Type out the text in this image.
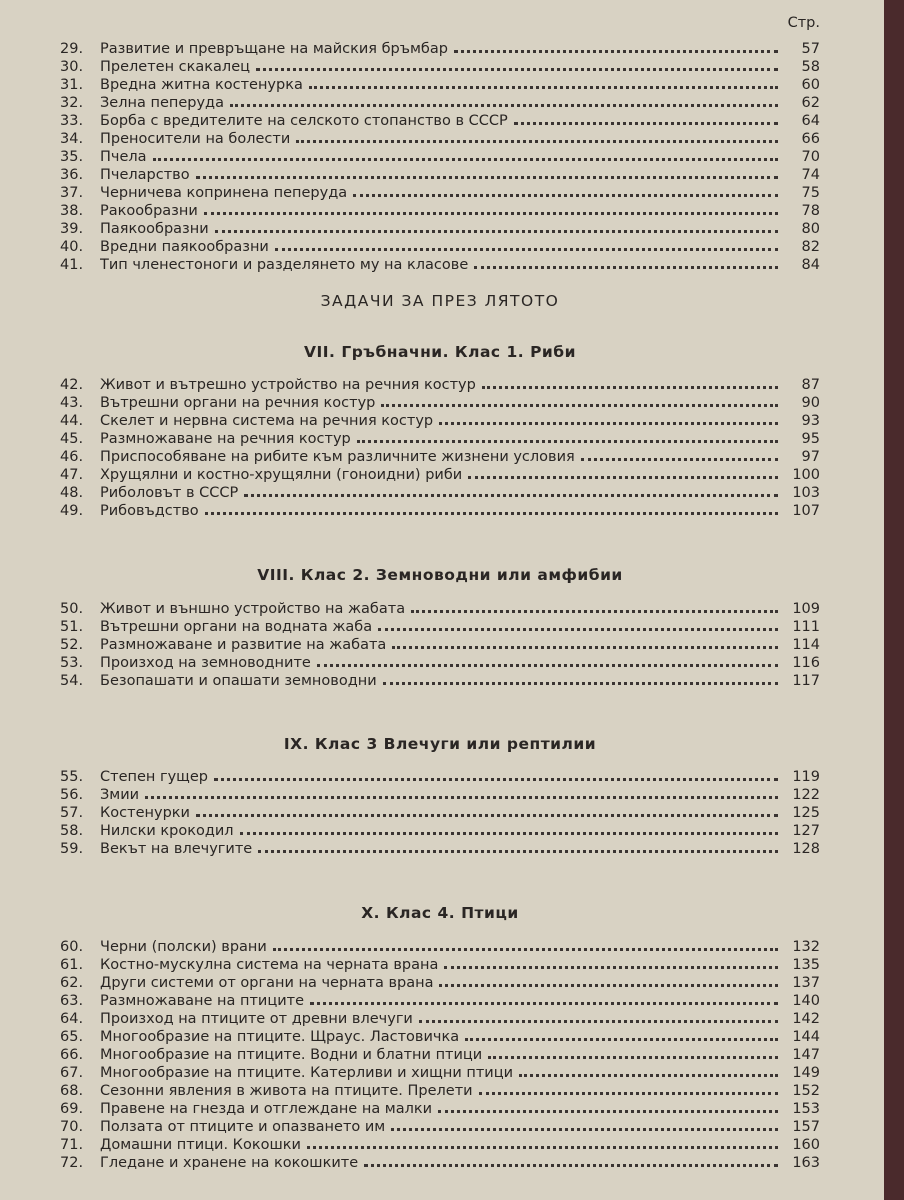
Стр.
29.	Развитие и превръщане на майския бръмбар	57
30.	Прелетен скакалец	58
31.	Вредна житна костенурка	60
32.	Зелна пеперуда	62
33.	Борба с вредителите на селското стопанство в СССР	64
34.	Преносители на болести	66
35.	Пчела	70
36.	Пчеларство	74
37.	Черничева копринена пеперуда	75
38.	Ракообразни	78
39.	Паякообразни	80
40.	Вредни паякообразни	82
41.	Тип членестоноги и разделянето му на класове	84
ЗАДАЧИ ЗА ПРЕЗ ЛЯТОТО
VII. Гръбначни. Клас 1. Риби
42.	Живот и вътрешно устройство на речния костур	87
43.	Вътрешни органи на речния костур	90
44.	Скелет и нервна система на речния костур	93
45.	Размножаване на речния костур	95
46.	Приспособяване на рибите към различните жизнени условия	97
47.	Хрущялни и костно-хрущялни (гоноидни) риби	100
48.	Риболовът в СССР	103
49.	Рибовъдство	107
VIII. Клас 2. Земноводни или амфибии
50.	Живот и външно устройство на жабата	109
51.	Вътрешни органи на водната жаба	111
52.	Размножаване и развитие на жабата	114
53.	Произход на земноводните	116
54.	Безопашати и опашати земноводни	117
IX. Клас 3 Влечуги или рептилии
55.	Степен гущер	119
56.	Змии	122
57.	Костенурки	125
58.	Нилски крокодил	127
59.	Векът на влечугите	128
X. Клас 4. Птици
60.	Черни (полски) врани	132
61.	Костно-мускулна система на черната врана	135
62.	Други системи от органи на черната врана	137
63.	Размножаване на птиците	140
64.	Произход на птиците от древни влечуги	142
65.	Многообразие на птиците. Щраус. Ластовичка	144
66.	Многообразие на птиците. Водни и блатни птици	147
67.	Многообразие на птиците. Катерливи и хищни птици	149
68.	Сезонни явления в живота на птиците. Прелети	152
69.	Правене на гнезда и отглеждане на малки	153
70.	Ползата от птиците и опазването им	157
71.	Домашни птици. Кокошки	160
72.	Гледане и хранене на кокошките	163
